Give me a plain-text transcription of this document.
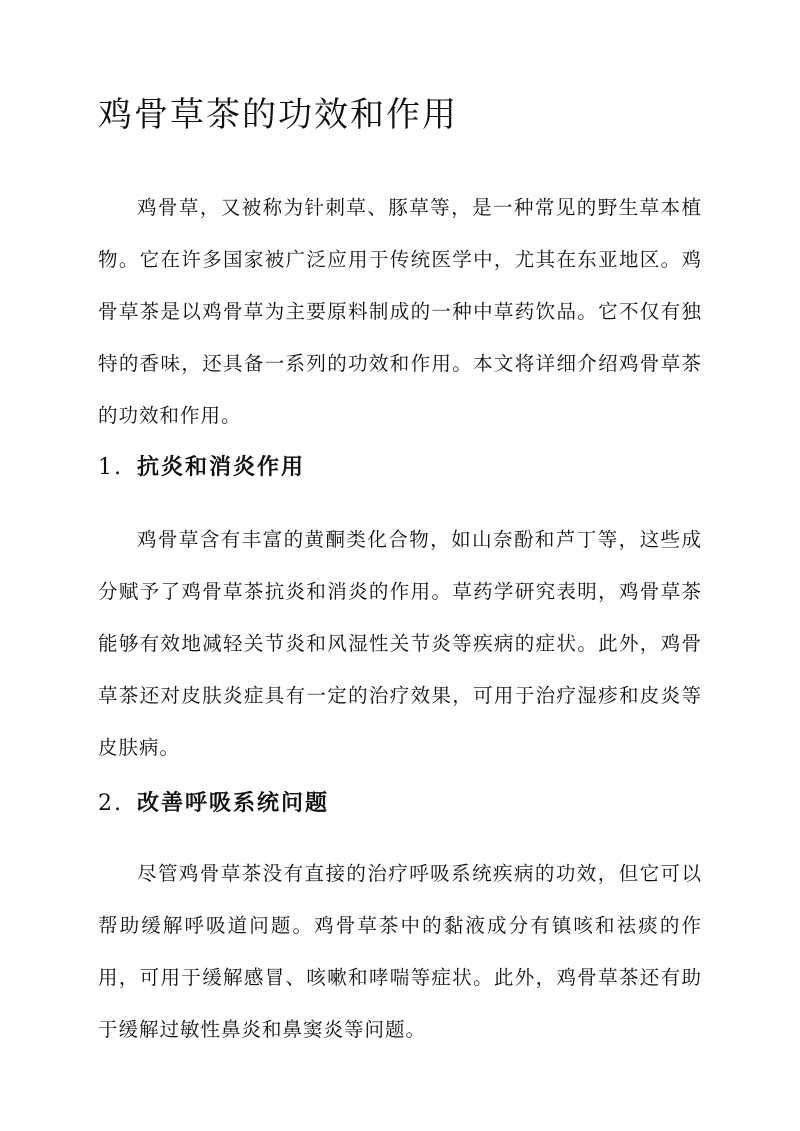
鸡骨草茶的功效和作用

鸡骨草，又被称为针刺草、豚草等，是一种常见的野生草本植物。它在许多国家被广泛应用于传统医学中，尤其在东亚地区。鸡骨草茶是以鸡骨草为主要原料制成的一种中草药饮品。它不仅有独特的香味，还具备一系列的功效和作用。本文将详细介绍鸡骨草茶的功效和作用。

1. 抗炎和消炎作用

鸡骨草含有丰富的黄酮类化合物，如山奈酚和芦丁等，这些成分赋予了鸡骨草茶抗炎和消炎的作用。草药学研究表明，鸡骨草茶能够有效地减轻关节炎和风湿性关节炎等疾病的症状。此外，鸡骨草茶还对皮肤炎症具有一定的治疗效果，可用于治疗湿疹和皮炎等皮肤病。

2. 改善呼吸系统问题

尽管鸡骨草茶没有直接的治疗呼吸系统疾病的功效，但它可以帮助缓解呼吸道问题。鸡骨草茶中的黏液成分有镇咳和祛痰的作用，可用于缓解感冒、咳嗽和哮喘等症状。此外，鸡骨草茶还有助于缓解过敏性鼻炎和鼻窦炎等问题。
